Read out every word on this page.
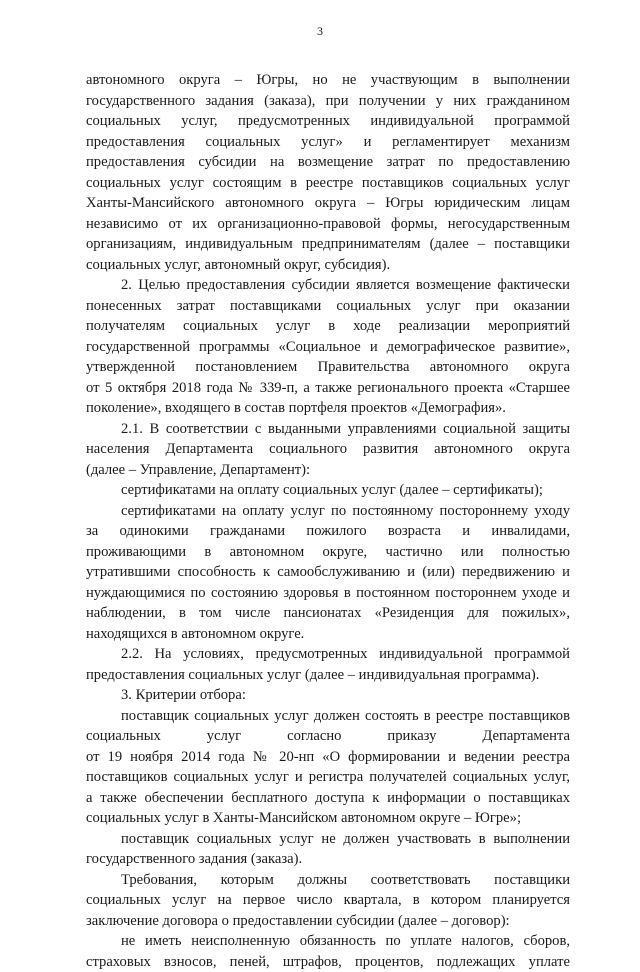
3
автономного округа – Югры, но не участвующим в выполнении
государственного задания (заказа), при получении у них гражданином
социальных услуг, предусмотренных индивидуальной программой
предоставления социальных услуг» и регламентирует механизм
предоставления субсидии на возмещение затрат по предоставлению
социальных услуг состоящим в реестре поставщиков социальных услуг
Ханты-Мансийского автономного округа – Югры юридическим лицам
независимо от их организационно-правовой формы, негосударственным
организациям, индивидуальным предпринимателям (далее – поставщики
социальных услуг, автономный округ, субсидия).
2. Целью предоставления субсидии является возмещение фактически
понесенных затрат поставщиками социальных услуг при оказании
получателям социальных услуг в ходе реализации мероприятий
государственной программы «Социальное и демографическое развитие»,
утвержденной постановлением Правительства автономного округа
от 5 октября 2018 года № 339-п, а также регионального проекта «Старшее
поколение», входящего в состав портфеля проектов «Демография».
2.1. В соответствии с выданными управлениями социальной защиты
населения Департамента социального развития автономного округа
(далее – Управление, Департамент):
сертификатами на оплату социальных услуг (далее – сертификаты);
сертификатами на оплату услуг по постоянному постороннему уходу
за одинокими гражданами пожилого возраста и инвалидами,
проживающими в автономном округе, частично или полностью
утратившими способность к самообслуживанию и (или) передвижению и
нуждающимися по состоянию здоровья в постоянном постороннем уходе и
наблюдении, в том числе пансионатах «Резиденция для пожилых»,
находящихся в автономном округе.
2.2. На условиях, предусмотренных индивидуальной программой
предоставления социальных услуг (далее – индивидуальная программа).
3. Критерии отбора:
поставщик социальных услуг должен состоять в реестре поставщиков
социальных услуг согласно приказу Департамента
от 19 ноября 2014 года № 20-нп «О формировании и ведении реестра
поставщиков социальных услуг и регистра получателей социальных услуг,
а также обеспечении бесплатного доступа к информации о поставщиках
социальных услуг в Ханты-Мансийском автономном округе – Югре»;
поставщик социальных услуг не должен участвовать в выполнении
государственного задания (заказа).
Требования, которым должны соответствовать поставщики
социальных услуг на первое число квартала, в котором планируется
заключение договора о предоставлении субсидии (далее – договор):
не иметь неисполненную обязанность по уплате налогов, сборов,
страховых взносов, пеней, штрафов, процентов, подлежащих уплате
